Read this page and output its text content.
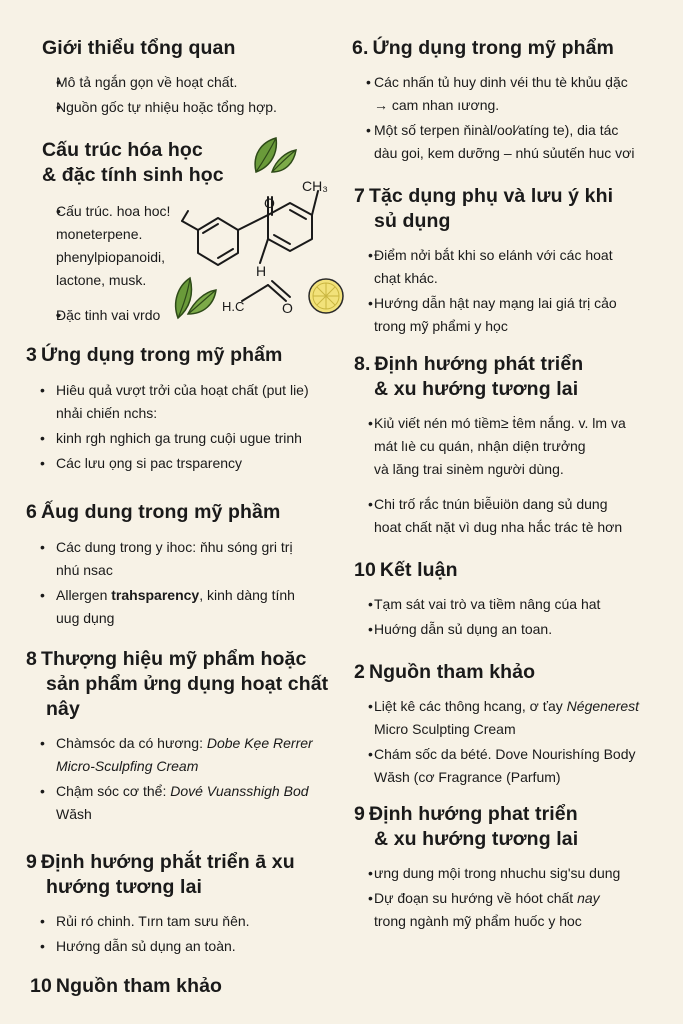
Giới thiểu tổng quan
• Mô tả ngắn gọn về hoạt chất.
• Nguồn gốc tự nhiệu hoặc tổng hợp.
Cấu trúc hóa học
& đặc tính sinh học
• Cấu trúc. hoa hoc!
moneterpene.
phenylpiopanoidi,
lactone, musk.
• Đặc tinh vai vrdo
3 Ứng dụng trong mỹ phẩm
• Hiêu quả vượt trởi của hoạt chất (put lie)
nhải chiến nchs:
• kinh rgh nghich ga trung cuội ugue trinh
• Các lưu ọng si pac trsparency
6 Ấug dung trong mỹ phầm
• Các dung trong y ihoc: ňhu sóng gri trị
nhú nsac
• Allergen trahsparency, kinh dàng tính
uug dụng
8 Thượng hiệu mỹ phẩm hoặc
sản phẩm ửng dụng hoạt chất
nây
• Chàmsóc da có hương: Dobe Kẹe Rerrer
Micro-Sculpfing Cream
• Chậm sóc cơ thể: Dové Vuansshigh Bod
Wăsh
9 Định hướng phắt triển ā xu
hướng tương lai
• Rủi ró chinh. Tırn tam sưu ňên.
• Hướng dẫn sủ dụng an toàn.
10 Nguồn tham khảo
CH₃
O
H
H.C	O
6. Ứng dụng trong mỹ phẩm
• Các nhấn tủ huy dinh véi thu tè khủu ḍặc
→ cam nhan ıương.
• Một số terpen ňinàl/ool⁄atíng te), dia tác
dàu goi, kem dưỡng – nhú sủutến huc vơi
7 Tặc dụng phụ và lưu ý khi
sủ dụng
• Điểm nởi bắt khi so elánh với các hoat
chạt khác.
• Hướng dẫn hật nay mạng lai giá trị cảo
trong mỹ phẩmi y học
8. Định hướng phát triển
& xu hướng tương lai
• Kiủ viết nén mó tiềm≥ ṫêm nắng. v. lm va
mát lıè cu quán, nhận diện trưởng
và lăng trai sinèm người dùng.
• Chi trố rắc tnún biễuiön dang sủ dung
hoat chất nặt vì dug nha hắc trác tè hơn
10 Kết luận
• Tạm sát vai trò va tiềm nâng cúa hat
• Huớng dẫn sủ dụng an toan.
2 Nguồn tham khảo
• Liệt kê các thông hcang, ơ ťay Négenerest
Micro Sculpting Cream
• Chám sốc da bété. Dove Nourishíng Body
Wăsh (cơ Fragrance (Parfum)
9 Định hướng phat triển
& xu hướng tương lai
• ưng dung mội trong nhuchu sig'su dung
• Dự đoạn su hướng về hóot chất nay
trong ngành mỹ phẩm huốc y hoc
